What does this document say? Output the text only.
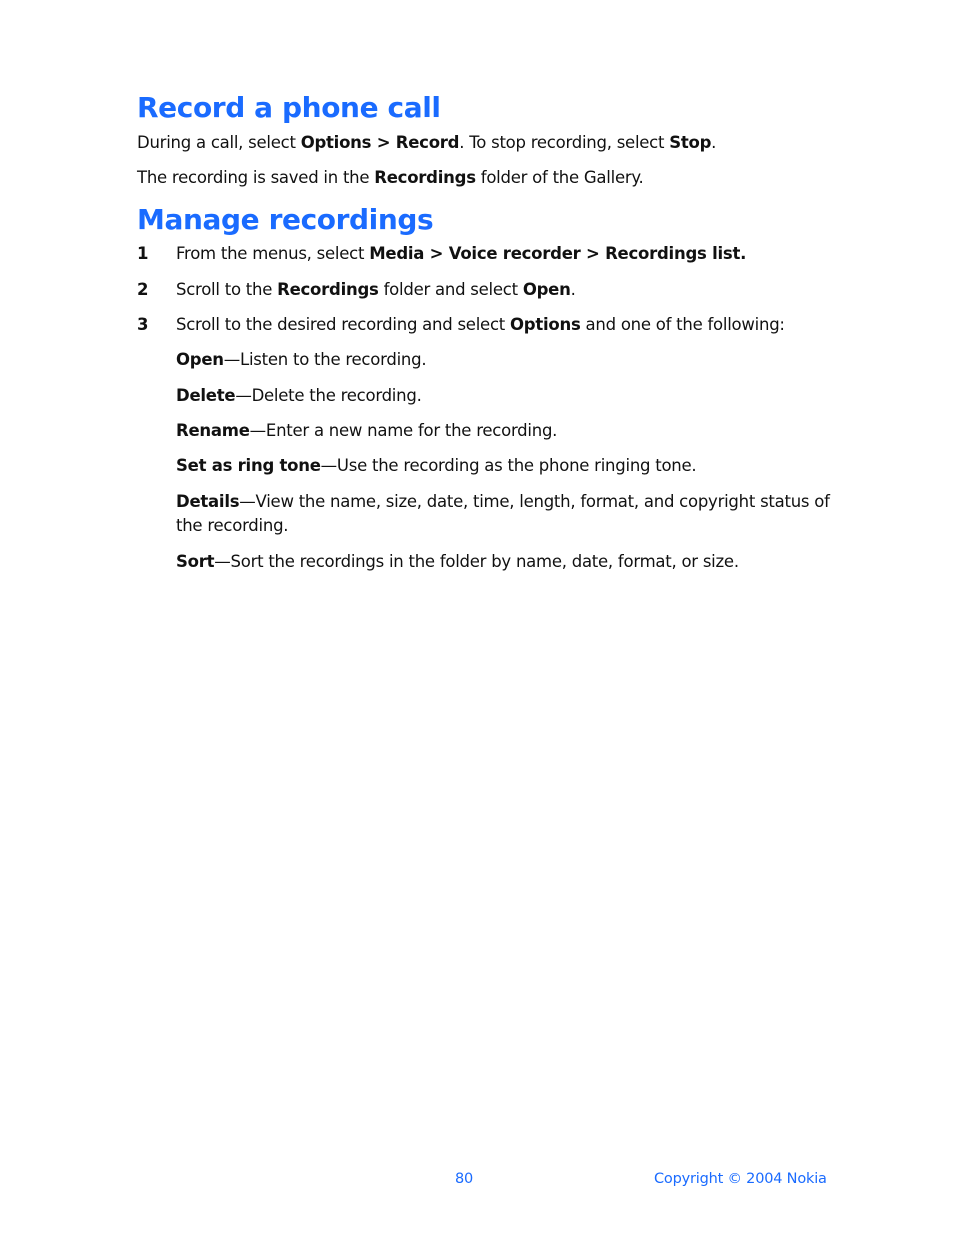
Record a phone call

During a call, select Options > Record. To stop recording, select Stop.

The recording is saved in the Recordings folder of the Gallery.

Manage recordings
1 From the menus, select Media > Voice recorder > Recordings list.
2 Scroll to the Recordings folder and select Open.
3 Scroll to the desired recording and select Options and one of the following:
Open—Listen to the recording.
Delete—Delete the recording.
Rename—Enter a new name for the recording.
Set as ring tone—Use the recording as the phone ringing tone.
Details—View the name, size, date, time, length, format, and copyright status of the recording.
Sort—Sort the recordings in the folder by name, date, format, or size.
80	Copyright © 2004 Nokia
